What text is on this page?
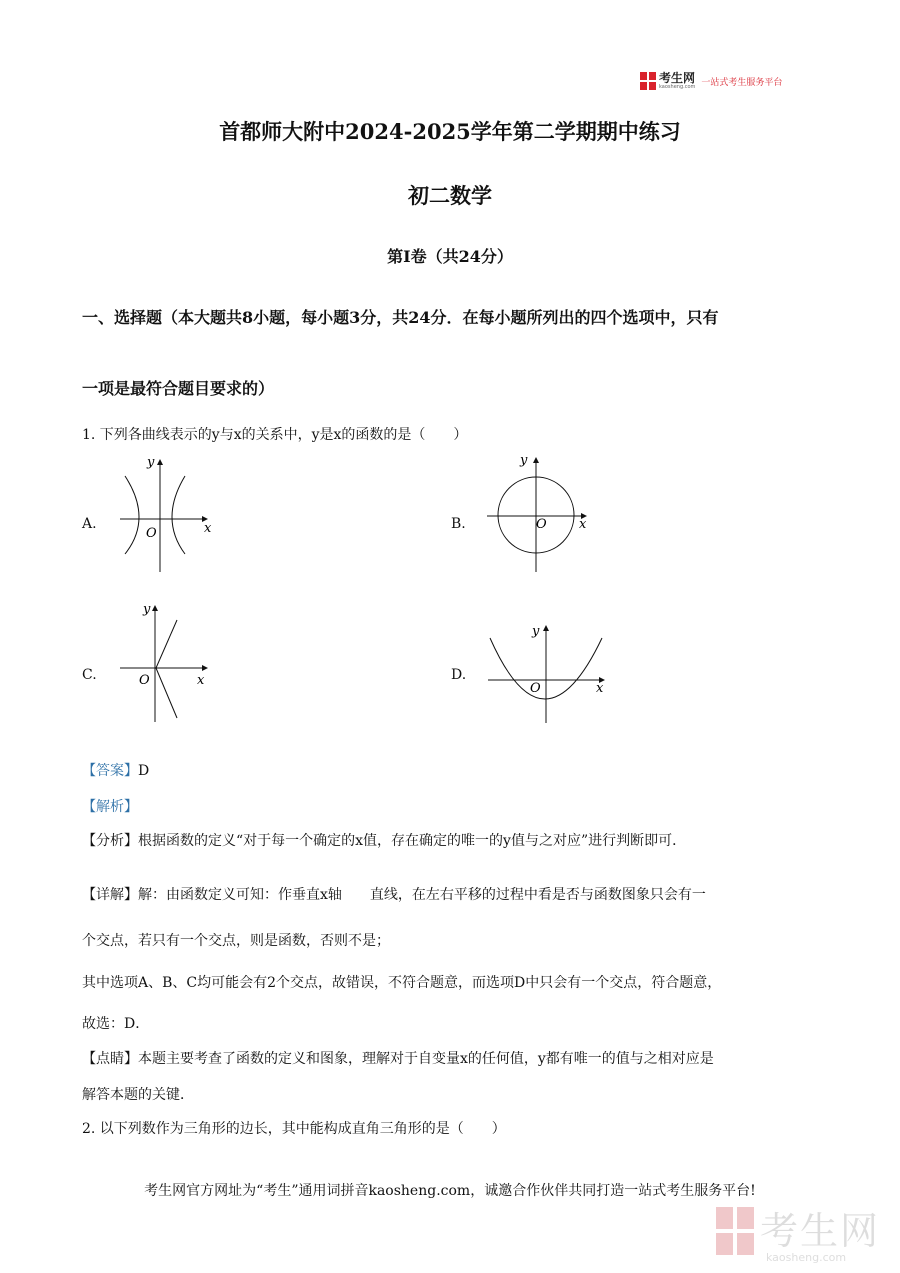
考生网
kaosheng.com 一站式考生服务平台
首都师大附中2024-2025学年第二学期期中练习
初二数学
第Ⅰ卷（共24分）
一、选择题（本大题共8小题，每小题3分，共24分．在每小题所列出的四个选项中，只有
一项是最符合题目要求的）
1. 下列各曲线表示的y与x的关系中，y是x的函数的是（　　）
A.
y
x
O
B.
y
x
O
C.
y
x
O	D.
y
x
O
【答案】D
【解析】
【分析】根据函数的定义“对于每一个确定的x值，存在确定的唯一的y值与之对应”进行判断即可．
【详解】解：由函数定义可知：作垂直x轴　　直线，在左右平移的过程中看是否与函数图象只会有一
个交点，若只有一个交点，则是函数，否则不是；
其中选项A、B、C均可能会有2个交点，故错误，不符合题意，而选项D中只会有一个交点，符合题意，
故选：D．
【点睛】本题主要考查了函数的定义和图象，理解对于自变量x的任何值，y都有唯一的值与之相对应是
解答本题的关键．
2. 以下列数作为三角形的边长，其中能构成直角三角形的是（　　）
考生网官方网址为“考生”通用词拼音kaosheng.com，诚邀合作伙伴共同打造一站式考生服务平台!
考生网
kaosheng.com
